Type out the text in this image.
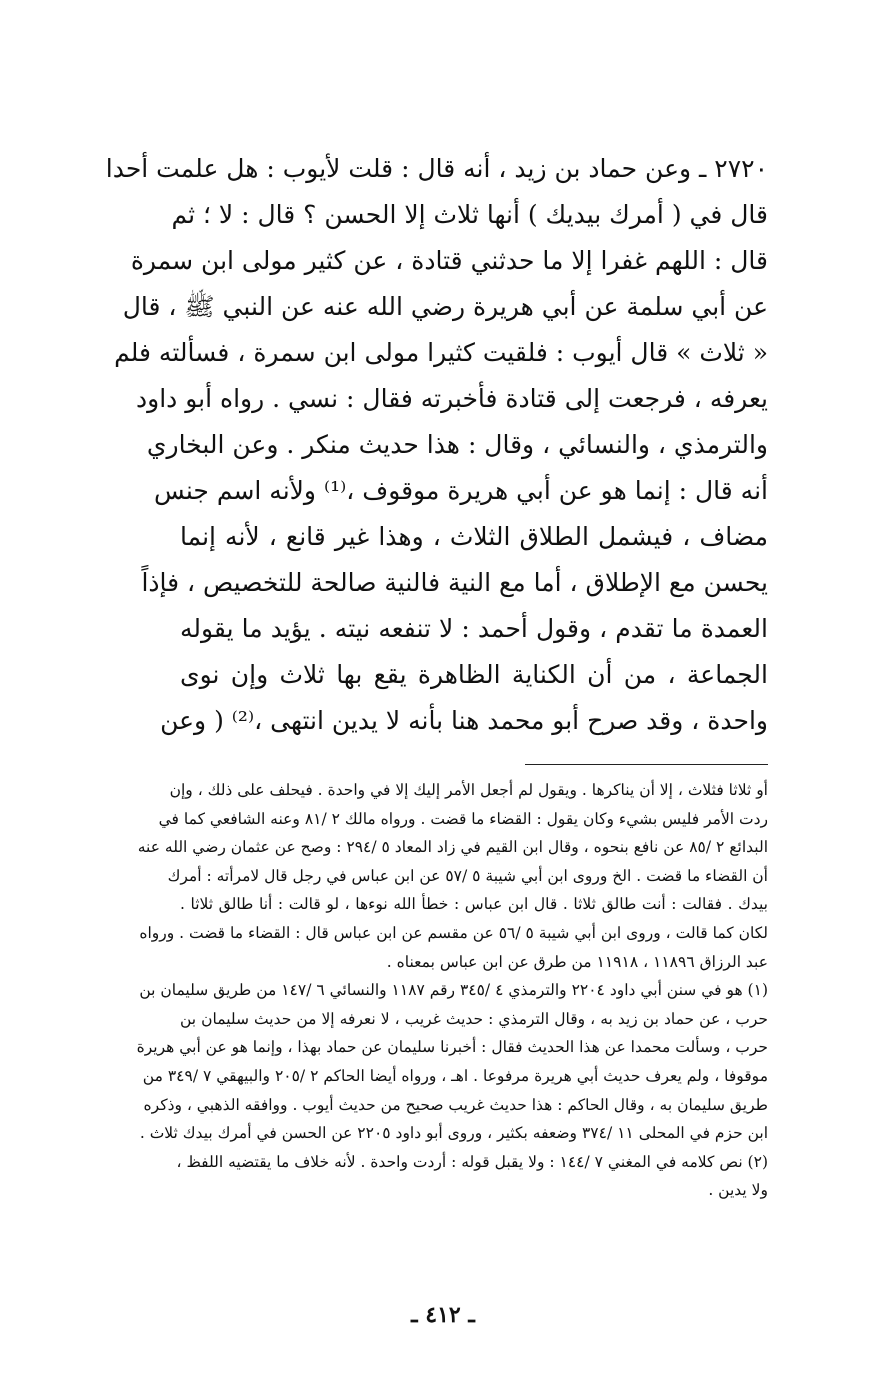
٢٧٢٠ ـ وعن حماد بن زيد ، أنه قال : قلت لأيوب : هل علمت أحدا
قال في ( أمرك بيديك ) أنها ثلاث إلا الحسن ؟ قال : لا ؛ ثم
قال : اللهم غفرا إلا ما حدثني قتادة ، عن كثير مولى ابن سمرة
عن أبي سلمة عن أبي هريرة رضي الله عنه عن النبي ﷺ ، قال
« ثلاث » قال أيوب : فلقيت كثيرا مولى ابن سمرة ، فسألته فلم
يعرفه ، فرجعت إلى قتادة فأخبرته فقال : نسي . رواه أبو داود
والترمذي ، والنسائي ، وقال : هذا حديث منكر . وعن البخاري
أنه قال : إنما هو عن أبي هريرة موقوف ،⁽¹⁾ ولأنه اسم جنس
مضاف ، فيشمل الطلاق الثلاث ، وهذا غير قانع ، لأنه إنما
يحسن مع الإطلاق ، أما مع النية فالنية صالحة للتخصيص ، فإذاً
العمدة ما تقدم ، وقول أحمد : لا تنفعه نيته . يؤيد ما يقوله
الجماعة ، من أن الكناية الظاهرة يقع بها ثلاث وإن نوى
واحدة ، وقد صرح أبو محمد هنا بأنه لا يدين انتهى ،⁽²⁾ ( وعن
أو ثلاثا فثلاث ، إلا أن يناكرها . ويقول لم أجعل الأمر إليك إلا في واحدة . فيحلف على ذلك ، وإن
ردت الأمر فليس بشيء وكان يقول : القضاء ما قضت . ورواه مالك ٢ /٨١ وعنه الشافعي كما في
البدائع ٢ /٨٥ عن نافع بنحوه ، وقال ابن القيم في زاد المعاد ٥ /٢٩٤ : وصح عن عثمان رضي الله عنه
أن القضاء ما قضت . الخ وروى ابن أبي شيبة ٥ /٥٧ عن ابن عباس في رجل قال لامرأته : أمرك
بيدك . فقالت : أنت طالق ثلاثا . قال ابن عباس : خطأ الله نوءها ، لو قالت : أنا طالق ثلاثا .
لكان كما قالت ، وروى ابن أبي شيبة ٥ /٥٦ عن مقسم عن ابن عباس قال : القضاء ما قضت . ورواه
عبد الرزاق ١١٨٩٦ ، ١١٩١٨ من طرق عن ابن عباس بمعناه .
(١) هو في سنن أبي داود ٢٢٠٤ والترمذي ٤ /٣٤٥ رقم ١١٨٧ والنسائي ٦ /١٤٧ من طريق سليمان بن
حرب ، عن حماد بن زيد به ، وقال الترمذي : حديث غريب ، لا نعرفه إلا من حديث سليمان بن
حرب ، وسألت محمدا عن هذا الحديث فقال : أخبرنا سليمان عن حماد بهذا ، وإنما هو عن أبي هريرة
موقوفا ، ولم يعرف حديث أبي هريرة مرفوعا . اهـ ، ورواه أيضا الحاكم ٢ /٢٠٥ والبيهقي ٧ /٣٤٩ من
طريق سليمان به ، وقال الحاكم : هذا حديث غريب صحيح من حديث أيوب . ووافقه الذهبي ، وذكره
ابن حزم في المحلى ١١ /٣٧٤ وضعفه بكثير ، وروى أبو داود ٢٢٠٥ عن الحسن في أمرك بيدك ثلاث .
(٢) نص كلامه في المغني ٧ /١٤٤ : ولا يقبل قوله : أردت واحدة . لأنه خلاف ما يقتضيه اللفظ ،
ولا يدين .
ـ ٤١٢ ـ
